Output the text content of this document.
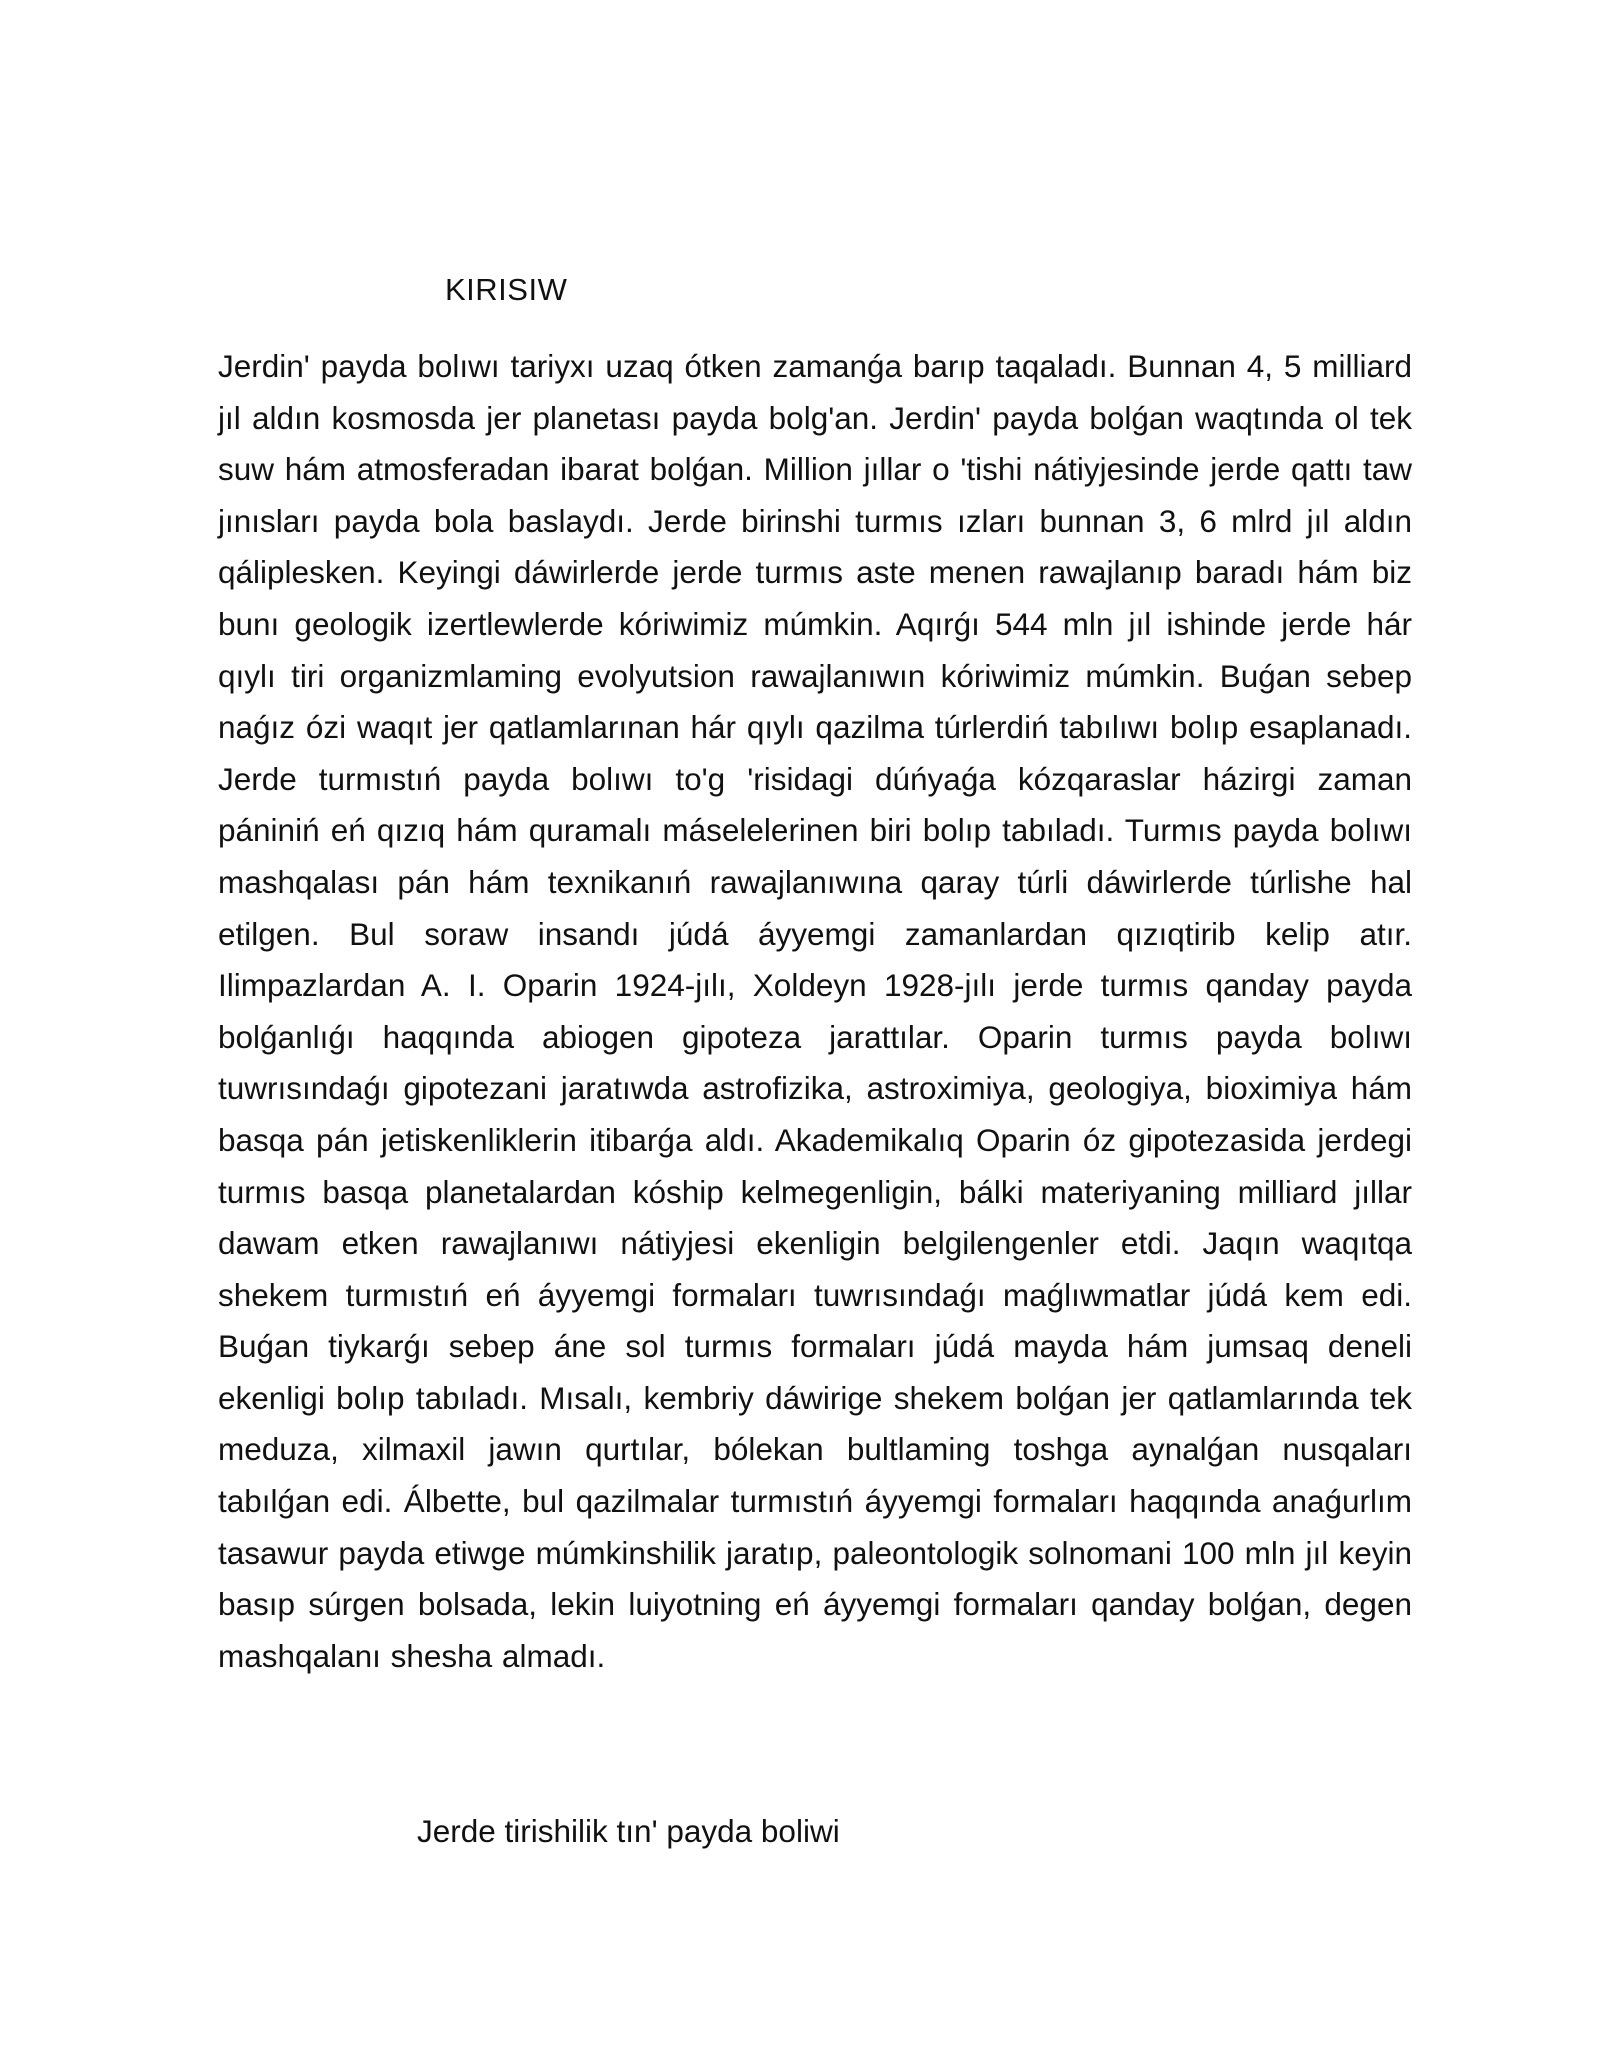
KIRISIW

Jerdin' payda bolıwı tariyxı uzaq ótken zamanǵa barıp taqaladı. Bunnan 4, 5 milliard jıl aldın kosmosda jer planetası payda bolg'an. Jerdin' payda bolǵan waqtında ol tek suw hám atmosferadan ibarat bolǵan. Million jıllar o 'tishi nátiyjesinde jerde qattı taw jınısları payda bola baslaydı. Jerde birinshi turmıs ızları bunnan 3, 6 mlrd jıl aldın qáliplesken. Keyingi dáwirlerde jerde turmıs aste menen rawajlanıp baradı hám biz bunı geologik izertlewlerde kóriwimiz múmkin. Aqırǵı 544 mln jıl ishinde jerde hár qıylı tiri organizmlaming evolyutsion rawajlanıwın kóriwimiz múmkin. Buǵan sebep naǵız ózi waqıt jer qatlamlarınan hár qıylı qazilma túrlerdiń tabılıwı bolıp esaplanadı. Jerde turmıstıń payda bolıwı to'g 'risidagi dúńyaǵa kózqaraslar házirgi zaman pániniń eń qızıq hám quramalı máselelerinen biri bolıp tabıladı. Turmıs payda bolıwı mashqalası pán hám texnikanıń rawajlanıwına qaray túrli dáwirlerde túrlishe hal etilgen. Bul soraw insandı júdá áyyemgi zamanlardan qızıqtirib kelip atır. Ilimpazlardan A. I. Oparin 1924-jılı, Xoldeyn 1928-jılı jerde turmıs qanday payda bolǵanlıǵı haqqında abiogen gipoteza jarattılar. Oparin turmıs payda bolıwı tuwrısındaǵı gipotezani jaratıwda astrofizika, astroximiya, geologiya, bioximiya hám basqa pán jetiskenliklerin itibarǵa aldı. Akademikalıq Oparin óz gipotezasida jerdegi turmıs basqa planetalardan kóship kelmegenligin, bálki materiyaning milliard jıllar dawam etken rawajlanıwı nátiyjesi ekenligin belgilengenler etdi. Jaqın waqıtqa shekem turmıstıń eń áyyemgi formaları tuwrısındaǵı maǵlıwmatlar júdá kem edi. Buǵan tiykarǵı sebep áne sol turmıs formaları júdá mayda hám jumsaq deneli ekenligi bolıp tabıladı. Mısalı, kembriy dáwirige shekem bolǵan jer qatlamlarında tek meduza, xilmaxil jawın qurtılar, bólekan bultlaming toshga aynalǵan nusqaları tabılǵan edi. Álbette, bul qazilmalar turmıstıń áyyemgi formaları haqqında anaǵurlım tasawur payda etiwge múmkinshilik jaratıp, paleontologik solnomani 100 mln jıl keyin basıp súrgen bolsada, lekin luiyotning eń áyyemgi formaları qanday bolǵan, degen mashqalanı shesha almadı.

Jerde tirishilik tın' payda boliwi
